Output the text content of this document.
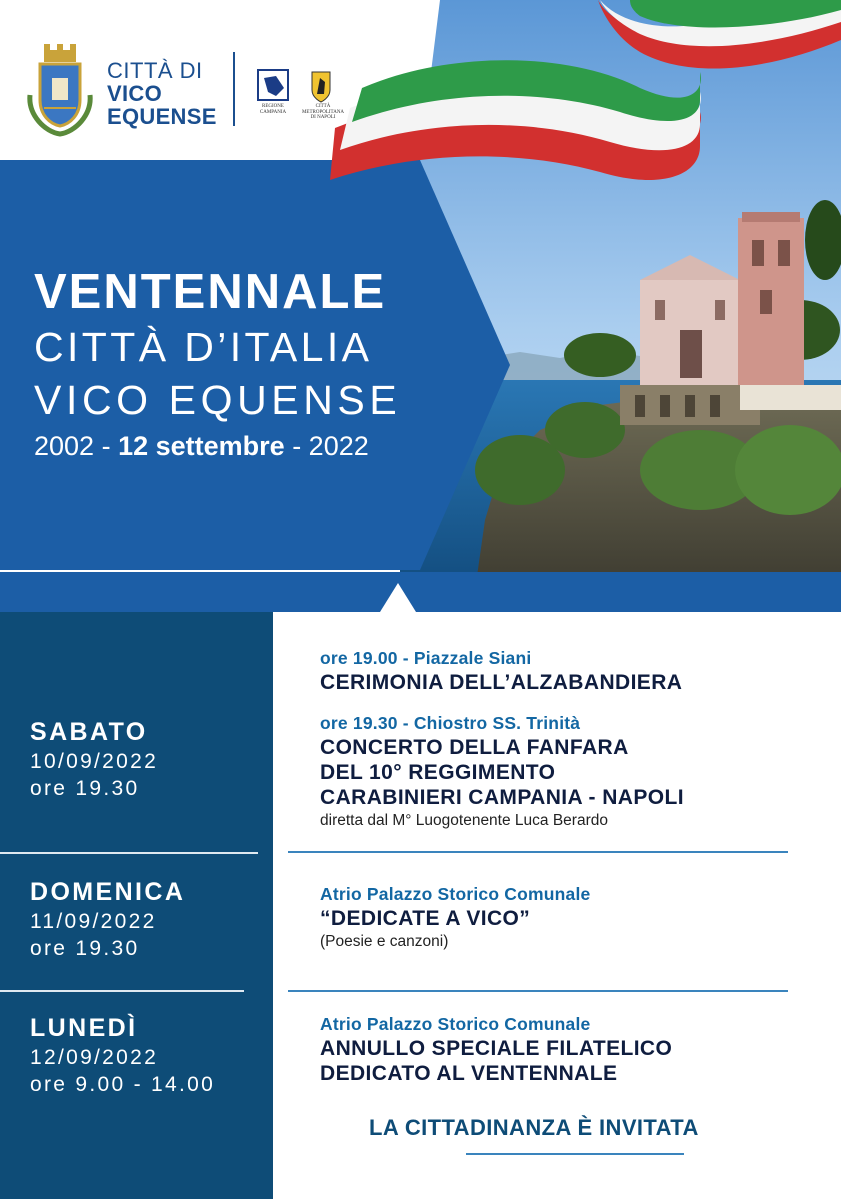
CITTÀ DI
VICO
EQUENSE	REGIONE CAMPANIA
CITTÀ METROPOLITANA
DI NAPOLI
VENTENNALE
CITTÀ D’ITALIA
VICO EQUENSE
2002 - 12 settembre - 2022
SABATO
10/09/2022
ore 19.30
DOMENICA
11/09/2022
ore 19.30
LUNEDÌ
12/09/2022
ore 9.00 - 14.00
ore 19.00 - Piazzale Siani
CERIMONIA DELL’ALZABANDIERA
ore 19.30 - Chiostro SS. Trinità
CONCERTO DELLA FANFARA
DEL 10° REGGIMENTO
CARABINIERI CAMPANIA - NAPOLI
diretta dal M° Luogotenente Luca Berardo
Atrio Palazzo Storico Comunale
“DEDICATE A VICO”
(Poesie e canzoni)
Atrio Palazzo Storico Comunale
ANNULLO SPECIALE FILATELICO
DEDICATO AL VENTENNALE
LA CITTADINANZA È INVITATA
